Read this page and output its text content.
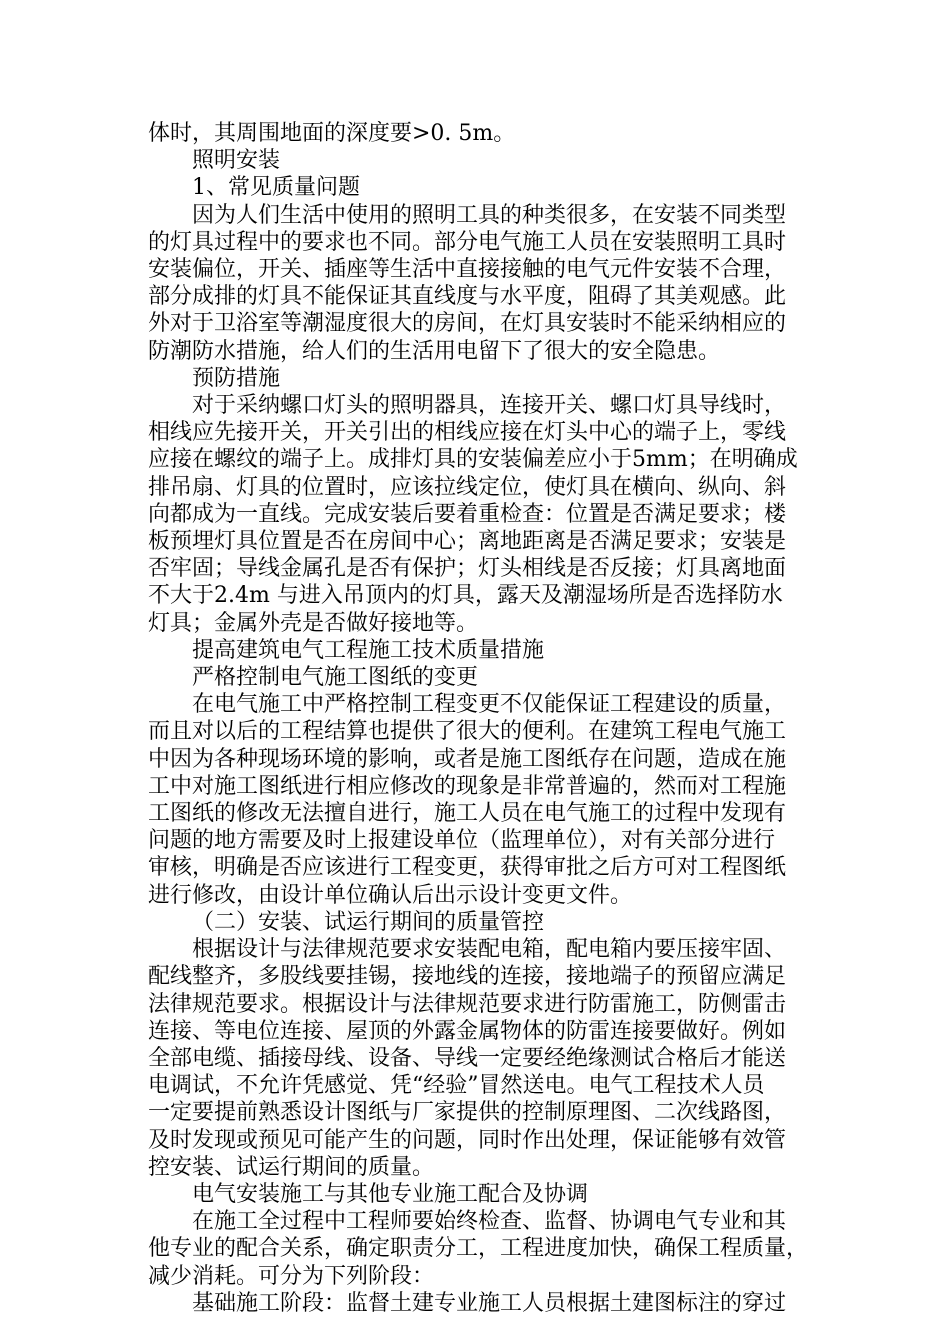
体时，其周围地面的深度要>0. 5m。

照明安装

1、常见质量问题

因为人们生活中使用的照明工具的种类很多，在安装不同类型
的灯具过程中的要求也不同。部分电气施工人员在安装照明工具时
安装偏位，开关、插座等生活中直接接触的电气元件安装不合理，
部分成排的灯具不能保证其直线度与水平度，阻碍了其美观感。此
外对于卫浴室等潮湿度很大的房间，在灯具安装时不能采纳相应的
防潮防水措施，给人们的生活用电留下了很大的安全隐患。

预防措施

对于采纳螺口灯头的照明器具，连接开关、螺口灯具导线时，
相线应先接开关，开关引出的相线应接在灯头中心的端子上，零线
应接在螺纹的端子上。成排灯具的安装偏差应小于5mm；在明确成
排吊扇、灯具的位置时，应该拉线定位，使灯具在横向、纵向、斜
向都成为一直线。完成安装后要着重检查：位置是否满足要求；楼
板预埋灯具位置是否在房间中心；离地距离是否满足要求；安装是
否牢固；导线金属孔是否有保护；灯头相线是否反接；灯具离地面
不大于2.4m 与进入吊顶内的灯具，露天及潮湿场所是否选择防水
灯具；金属外壳是否做好接地等。

提高建筑电气工程施工技术质量措施

严格控制电气施工图纸的变更

在电气施工中严格控制工程变更不仅能保证工程建设的质量，
而且对以后的工程结算也提供了很大的便利。在建筑工程电气施工
中因为各种现场环境的影响，或者是施工图纸存在问题，造成在施
工中对施工图纸进行相应修改的现象是非常普遍的，然而对工程施
工图纸的修改无法擅自进行，施工人员在电气施工的过程中发现有
问题的地方需要及时上报建设单位（监理单位），对有关部分进行
审核，明确是否应该进行工程变更，获得审批之后方可对工程图纸
进行修改，由设计单位确认后出示设计变更文件。

（二）安装、试运行期间的质量管控

根据设计与法律规范要求安装配电箱，配电箱内要压接牢固、
配线整齐，多股线要挂锡，接地线的连接，接地端子的预留应满足
法律规范要求。根据设计与法律规范要求进行防雷施工，防侧雷击
连接、等电位连接、屋顶的外露金属物体的防雷连接要做好。例如
全部电缆、插接母线、设备、导线一定要经绝缘测试合格后才能送
电调试，不允许凭感觉、凭“经验”冒然送电。电气工程技术人员
一定要提前熟悉设计图纸与厂家提供的控制原理图、二次线路图，
及时发现或预见可能产生的问题，同时作出处理，保证能够有效管
控安装、试运行期间的质量。

电气安装施工与其他专业施工配合及协调

在施工全过程中工程师要始终检查、监督、协调电气专业和其
他专业的配合关系，确定职责分工，工程进度加快，确保工程质量，
减少消耗。可分为下列阶段：

基础施工阶段：监督土建专业施工人员根据土建图标注的穿过
